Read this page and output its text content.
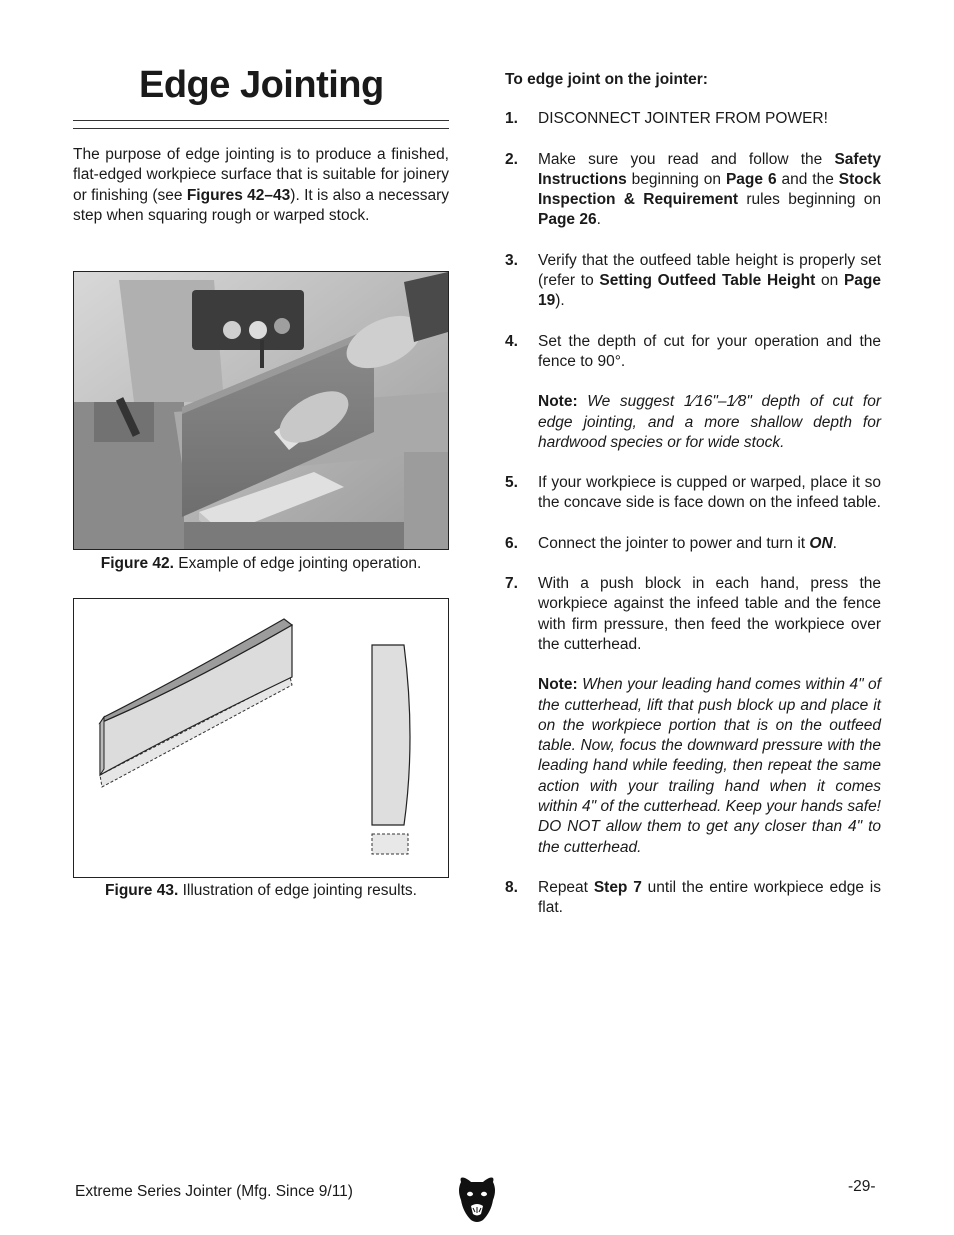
Edge Jointing

The purpose of edge jointing is to produce a finished, flat-edged workpiece surface that is suitable for joinery or finishing (see Figures 42–43). It is also a necessary step when squaring rough or warped stock.

Figure 42. Example of edge jointing operation.
Figure 43. Illustration of edge jointing results.

To edge joint on the jointer:

1. DISCONNECT JOINTER FROM POWER!

2. Make sure you read and follow the Safety Instructions beginning on Page 6 and the Stock Inspection & Requirement rules beginning on Page 26.

3. Verify that the outfeed table height is properly set (refer to Setting Outfeed Table Height on Page 19).

4. Set the depth of cut for your operation and the fence to 90°.

Note: We suggest 1⁄16"–1⁄8" depth of cut for edge jointing, and a more shallow depth for hardwood species or for wide stock.

5. If your workpiece is cupped or warped, place it so the concave side is face down on the infeed table.

6. Connect the jointer to power and turn it ON.

7. With a push block in each hand, press the workpiece against the infeed table and the fence with firm pressure, then feed the workpiece over the cutterhead.

Note: When your leading hand comes within 4" of the cutterhead, lift that push block up and place it on the workpiece portion that is on the outfeed table. Now, focus the downward pressure with the leading hand while feeding, then repeat the same action with your trailing hand when it comes within 4" of the cutterhead. Keep your hands safe! DO NOT allow them to get any closer than 4" to the cutterhead.

8. Repeat Step 7 until the entire workpiece edge is flat.

Extreme Series Jointer (Mfg. Since 9/11)	-29-
